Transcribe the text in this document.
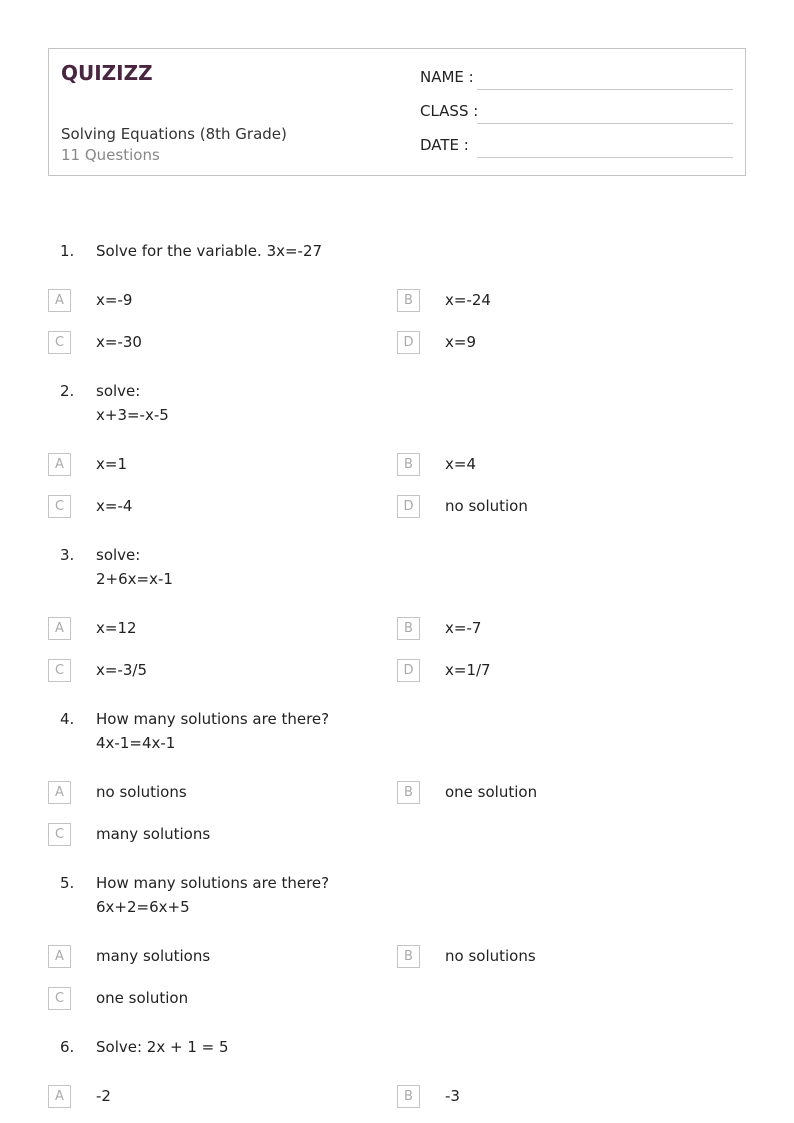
QUIZIZZ
Solving Equations (8th Grade)
11 Questions
NAME :
CLASS :
DATE :
1. Solve for the variable. 3x=-27
A	x=-9	B	x=-24
C	x=-30	D	x=9
2. solve:
x+3=-x-5
A	x=1	B	x=4
C	x=-4	D	no solution
3. solve:
2+6x=x-1
A	x=12	B	x=-7
C	x=-3/5	D	x=1/7
4. How many solutions are there?
4x-1=4x-1
A	no solutions	B	one solution
C	many solutions
5. How many solutions are there?
6x+2=6x+5
A	many solutions	B	no solutions
C	one solution
6. Solve: 2x + 1 = 5
A	-2	B	-3
